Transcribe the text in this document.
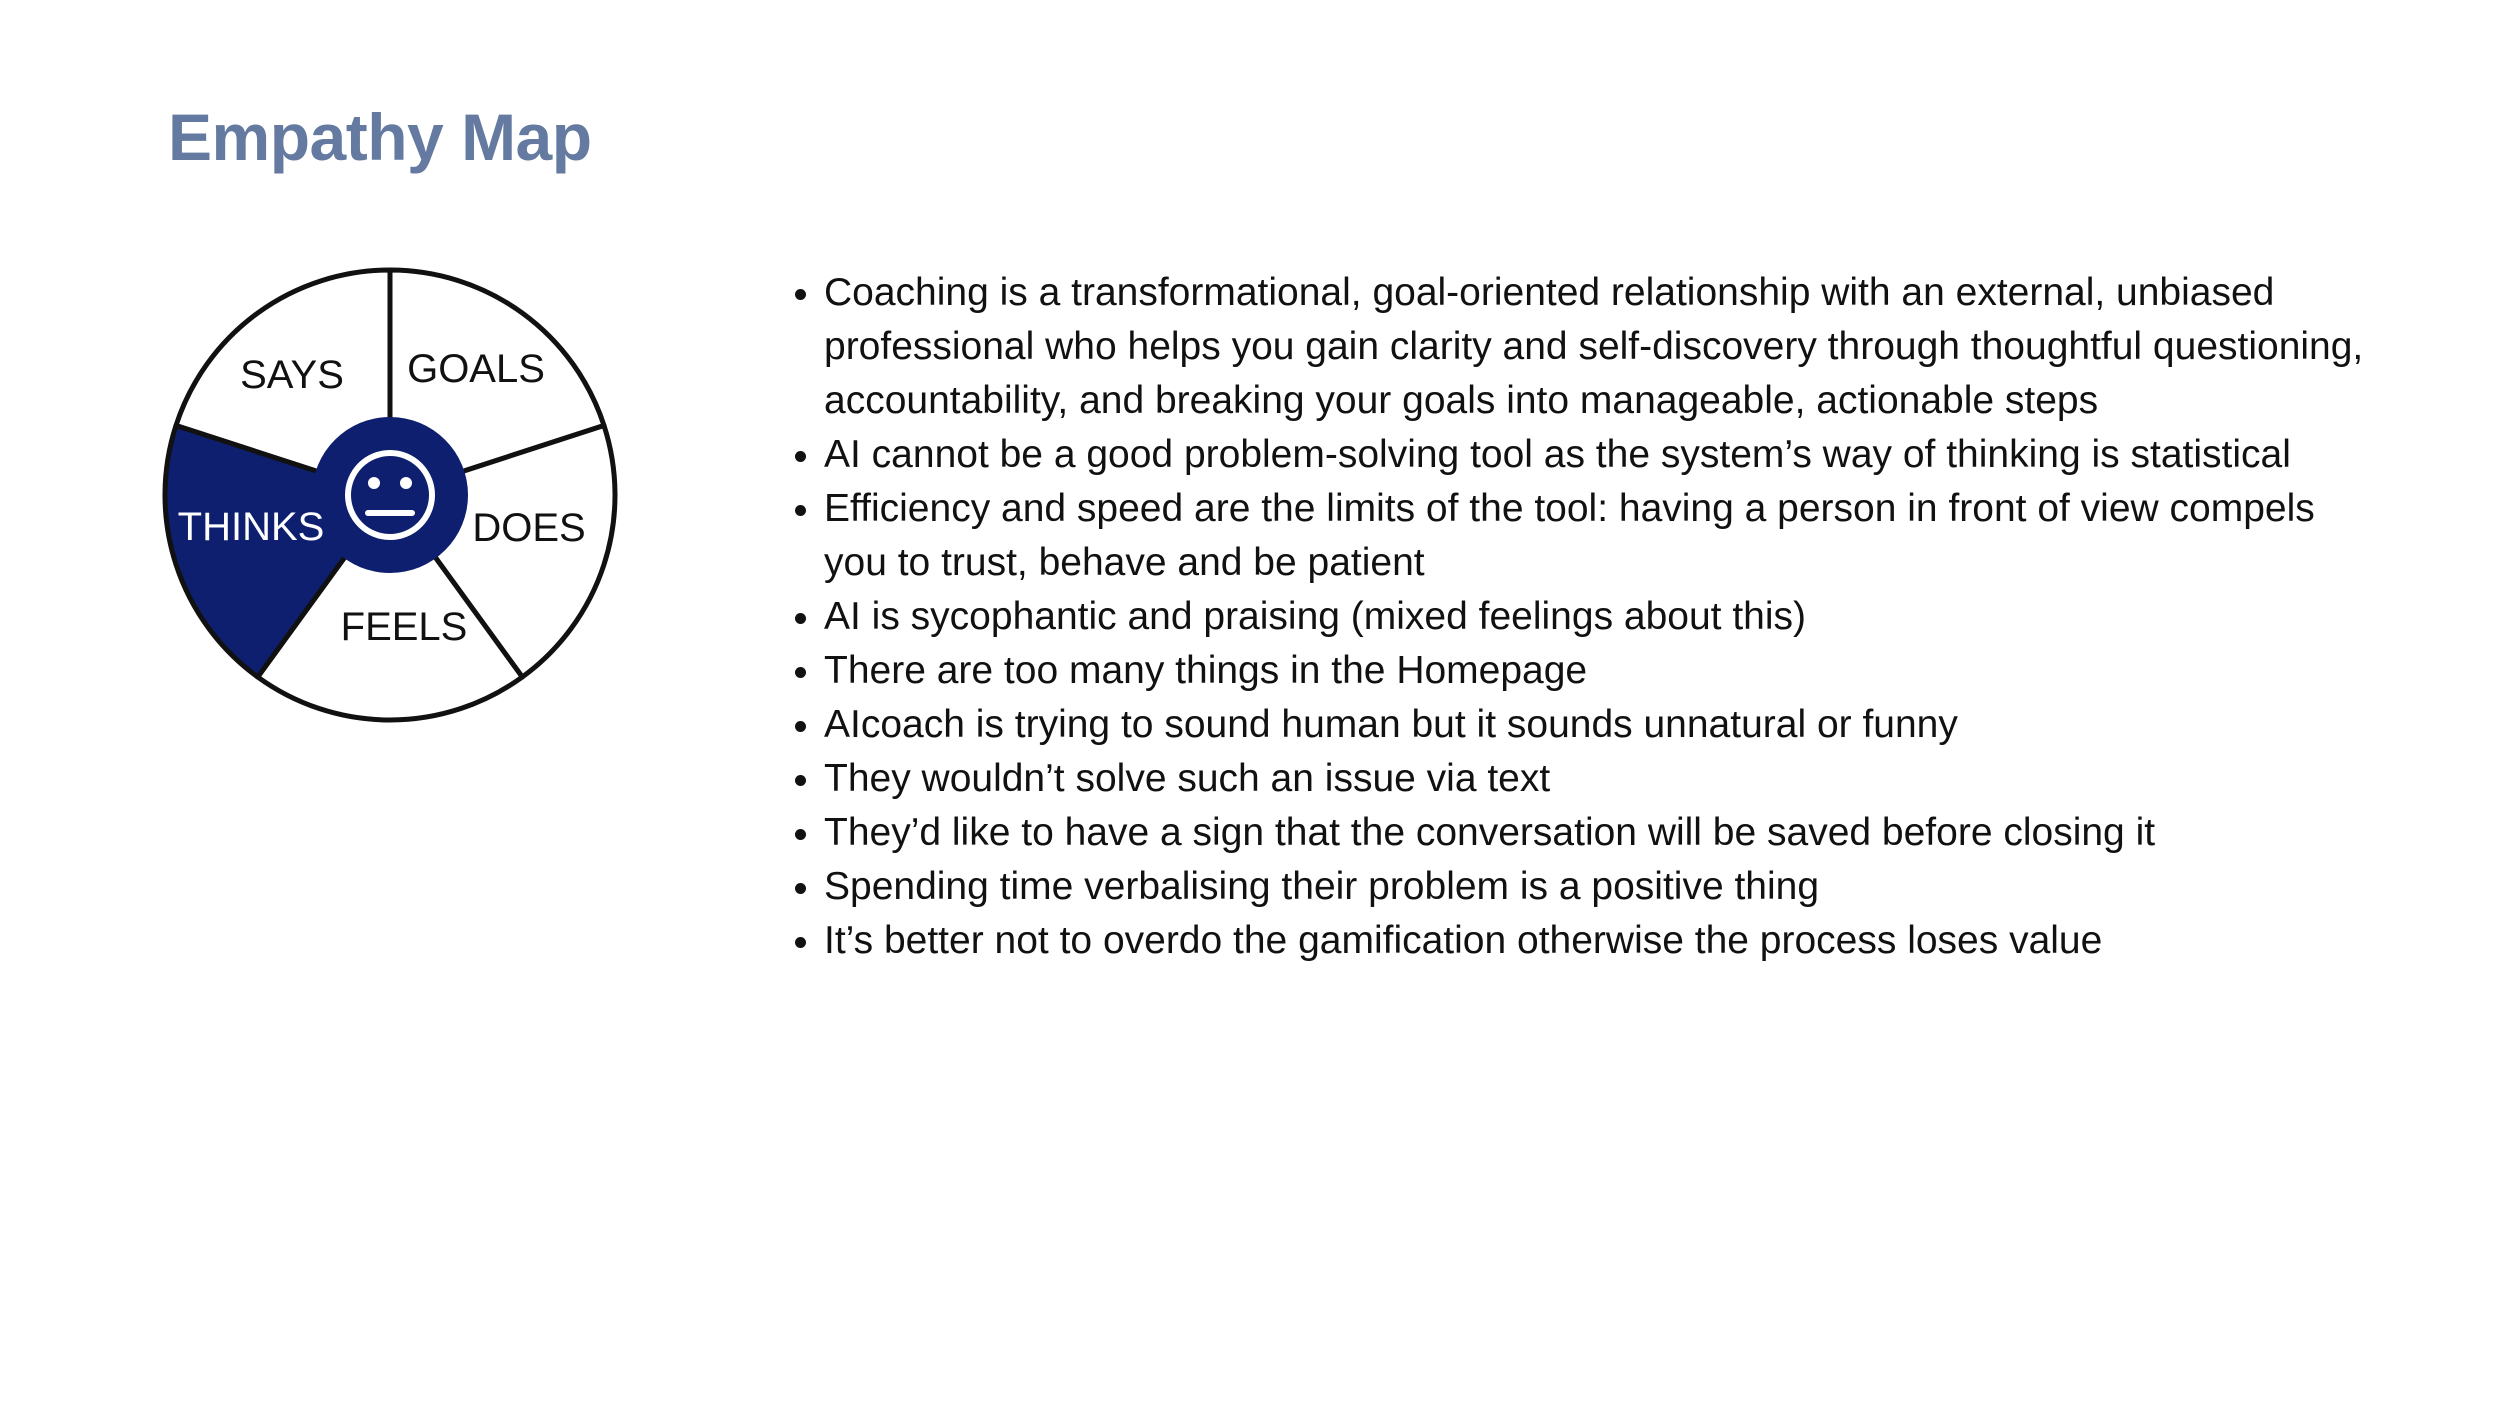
Empathy Map
SAYS GOALS
DOES
FEELS
THINKS
• Coaching is a transformational, goal-oriented relationship with an external, unbiased professional who helps you gain clarity and self-discovery through thoughtful questioning, accountability, and breaking your goals into manageable, actionable steps
• AI cannot be a good problem-solving tool as the system’s way of thinking is statistical
• Efficiency and speed are the limits of the tool: having a person in front of view compels you to trust, behave and be patient
• AI is sycophantic and praising (mixed feelings about this)
• There are too many things in the Homepage
• AIcoach is trying to sound human but it sounds unnatural or funny
• They wouldn’t solve such an issue via text
• They’d like to have a sign that the conversation will be saved before closing it
• Spending time verbalising their problem is a positive thing
• It’s better not to overdo the gamification otherwise the process loses value
